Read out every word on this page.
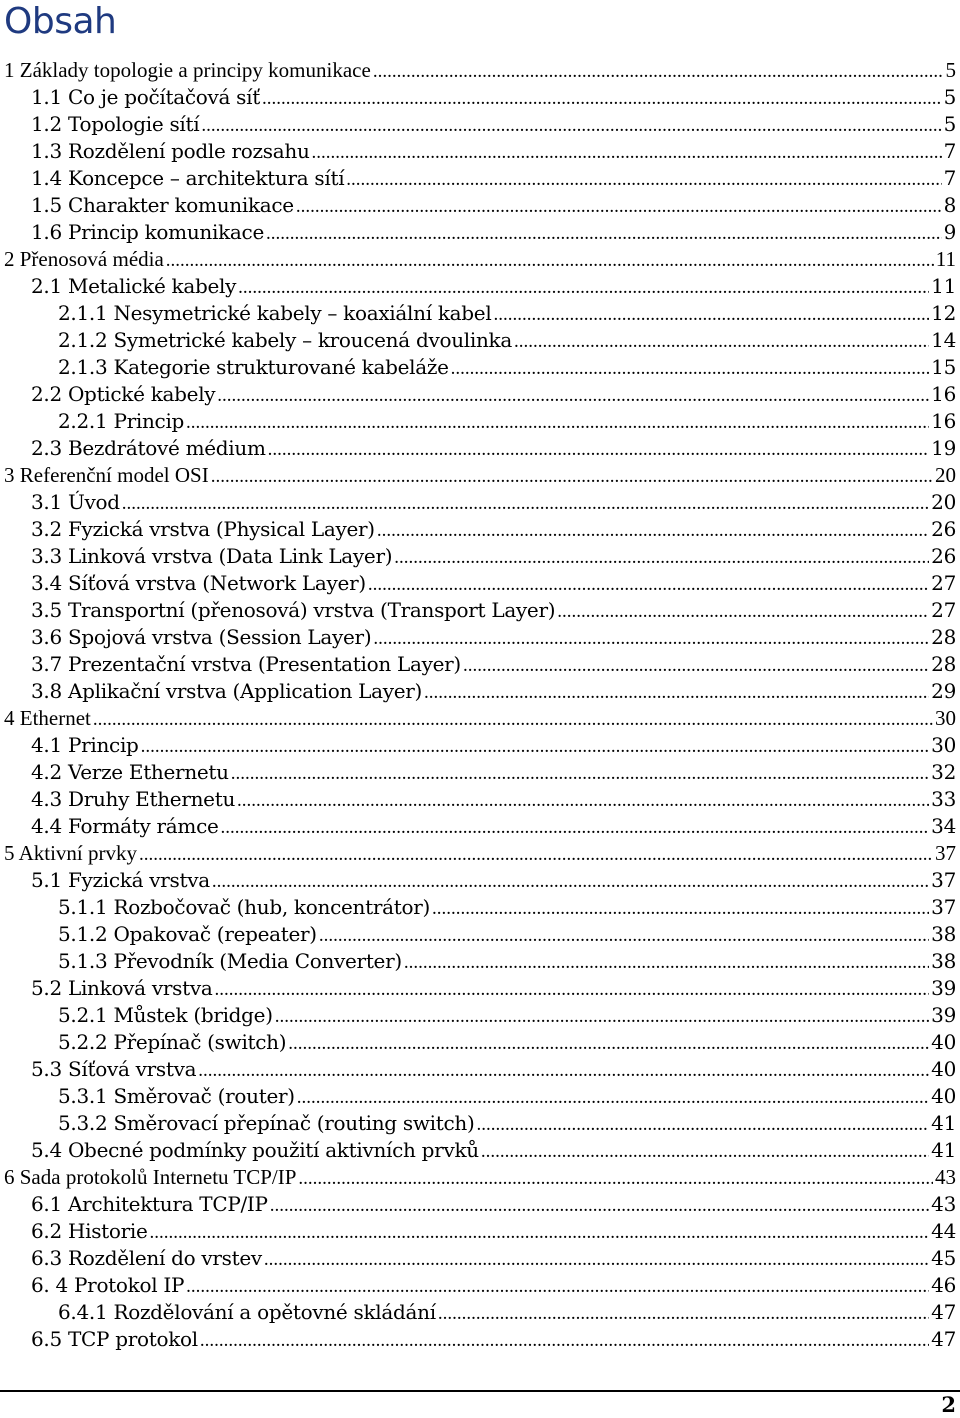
Obsah
1 Základy topologie a principy komunikace .....	5
1.1 Co je počítačová síť .....	5
1.2 Topologie sítí .....	5
1.3 Rozdělení podle rozsahu .....	7
1.4 Koncepce – architektura sítí .....	7
1.5 Charakter komunikace .....	8
1.6 Princip komunikace .....	9
2 Přenosová média .....	11
2.1 Metalické kabely .....	11
2.1.1 Nesymetrické kabely – koaxiální kabel .....	12
2.1.2 Symetrické kabely – kroucená dvoulinka .....	14
2.1.3 Kategorie strukturované kabeláže .....	15
2.2 Optické kabely .....	16
2.2.1 Princip .....	16
2.3 Bezdrátové médium .....	19
3 Referenční model OSI .....	20
3.1 Úvod .....	20
3.2 Fyzická vrstva (Physical Layer) .....	26
3.3 Linková vrstva (Data Link Layer) .....	26
3.4 Síťová vrstva (Network Layer) .....	27
3.5 Transportní (přenosová) vrstva (Transport Layer) .....	27
3.6 Spojová vrstva (Session Layer) .....	28
3.7 Prezentační vrstva (Presentation Layer) .....	28
3.8 Aplikační vrstva (Application Layer) .....	29
4 Ethernet .....	30
4.1 Princip .....	30
4.2 Verze Ethernetu .....	32
4.3 Druhy Ethernetu .....	33
4.4 Formáty rámce .....	34
5 Aktivní prvky .....	37
5.1 Fyzická vrstva .....	37
5.1.1 Rozbočovač (hub, koncentrátor) .....	37
5.1.2 Opakovač (repeater) .....	38
5.1.3 Převodník (Media Converter) .....	38
5.2 Linková vrstva .....	39
5.2.1 Můstek (bridge) .....	39
5.2.2 Přepínač (switch) .....	40
5.3 Síťová vrstva .....	40
5.3.1 Směrovač (router) .....	40
5.3.2 Směrovací přepínač (routing switch) .....	41
5.4 Obecné podmínky použití aktivních prvků .....	41
6 Sada protokolů Internetu TCP/IP .....	43
6.1 Architektura TCP/IP .....	43
6.2 Historie .....	44
6.3 Rozdělení do vrstev .....	45
6. 4 Protokol IP .....	46
6.4.1 Rozdělování a opětovné skládání .....	47
6.5 TCP protokol .....	47
2
